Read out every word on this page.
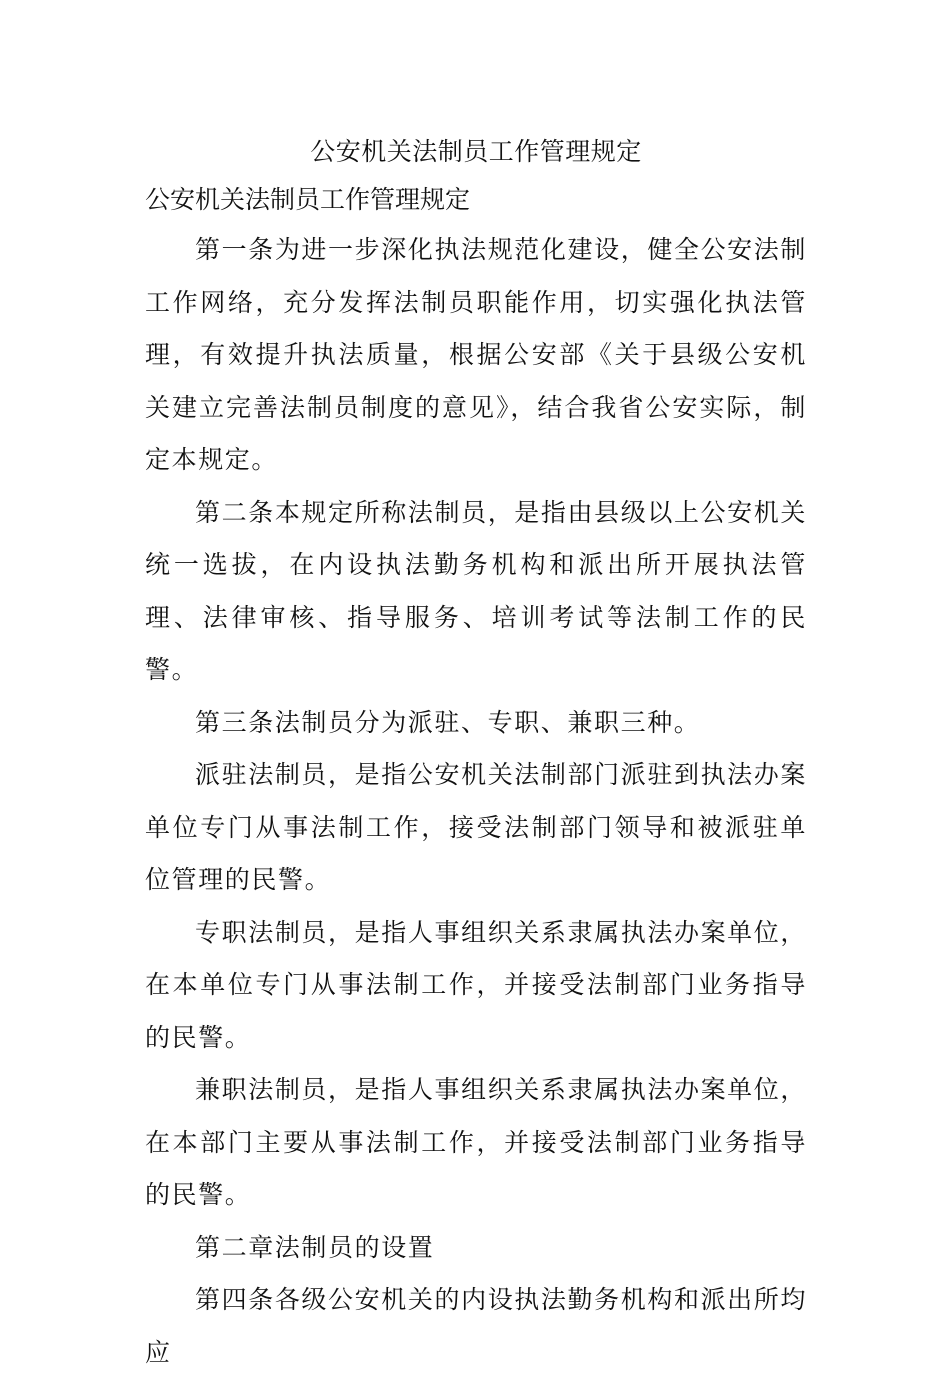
公安机关法制员工作管理规定

公安机关法制员工作管理规定

第一条为进一步深化执法规范化建设，健全公安法制工作网络，充分发挥法制员职能作用，切实强化执法管理，有效提升执法质量，根据公安部《关于县级公安机关建立完善法制员制度的意见》，结合我省公安实际，制定本规定。

第二条本规定所称法制员，是指由县级以上公安机关统一选拔，在内设执法勤务机构和派出所开展执法管理、法律审核、指导服务、培训考试等法制工作的民警。

第三条法制员分为派驻、专职、兼职三种。

派驻法制员，是指公安机关法制部门派驻到执法办案单位专门从事法制工作，接受法制部门领导和被派驻单位管理的民警。

专职法制员，是指人事组织关系隶属执法办案单位，在本单位专门从事法制工作，并接受法制部门业务指导的民警。

兼职法制员，是指人事组织关系隶属执法办案单位，在本部门主要从事法制工作，并接受法制部门业务指导的民警。

第二章法制员的设置

第四条各级公安机关的内设执法勤务机构和派出所均应
